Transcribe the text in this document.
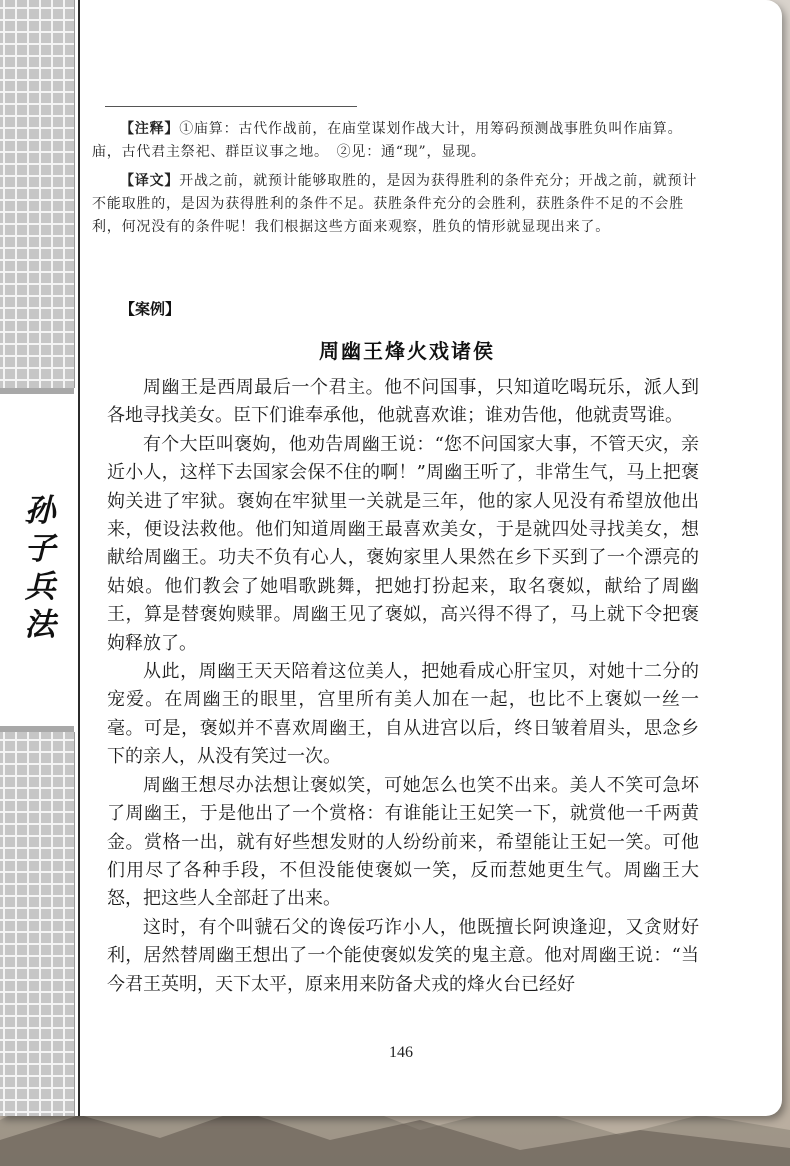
孙
子
兵
法

【注释】①庙算：古代作战前，在庙堂谋划作战大计，用筹码预测战事胜负叫作庙算。庙，古代君主祭祀、群臣议事之地。　②见：通“现”，显现。

【译文】开战之前，就预计能够取胜的，是因为获得胜利的条件充分；开战之前，就预计不能取胜的，是因为获得胜利的条件不足。获胜条件充分的会胜利，获胜条件不足的不会胜利，何况没有的条件呢！我们根据这些方面来观察，胜负的情形就显现出来了。

【案例】
周幽王烽火戏诸侯

周幽王是西周最后一个君主。他不问国事，只知道吃喝玩乐，派人到各地寻找美女。臣下们谁奉承他，他就喜欢谁；谁劝告他，他就责骂谁。

有个大臣叫褒姁，他劝告周幽王说：“您不问国家大事，不管天灾，亲近小人，这样下去国家会保不住的啊！”周幽王听了，非常生气，马上把褒姁关进了牢狱。褒姁在牢狱里一关就是三年，他的家人见没有希望放他出来，便设法救他。他们知道周幽王最喜欢美女，于是就四处寻找美女，想献给周幽王。功夫不负有心人，褒姁家里人果然在乡下买到了一个漂亮的姑娘。他们教会了她唱歌跳舞，把她打扮起来，取名褒姒，献给了周幽王，算是替褒姁赎罪。周幽王见了褒姒，高兴得不得了，马上就下令把褒姁释放了。

从此，周幽王天天陪着这位美人，把她看成心肝宝贝，对她十二分的宠爱。在周幽王的眼里，宫里所有美人加在一起，也比不上褒姒一丝一毫。可是，褒姒并不喜欢周幽王，自从进宫以后，终日皱着眉头，思念乡下的亲人，从没有笑过一次。

周幽王想尽办法想让褒姒笑，可她怎么也笑不出来。美人不笑可急坏了周幽王，于是他出了一个赏格：有谁能让王妃笑一下，就赏他一千两黄金。赏格一出，就有好些想发财的人纷纷前来，希望能让王妃一笑。可他们用尽了各种手段，不但没能使褒姒一笑，反而惹她更生气。周幽王大怒，把这些人全部赶了出来。

这时，有个叫虢石父的谗佞巧诈小人，他既擅长阿谀逢迎，又贪财好利，居然替周幽王想出了一个能使褒姒发笑的鬼主意。他对周幽王说：“当今君王英明，天下太平，原来用来防备犬戎的烽火台已经好

146
